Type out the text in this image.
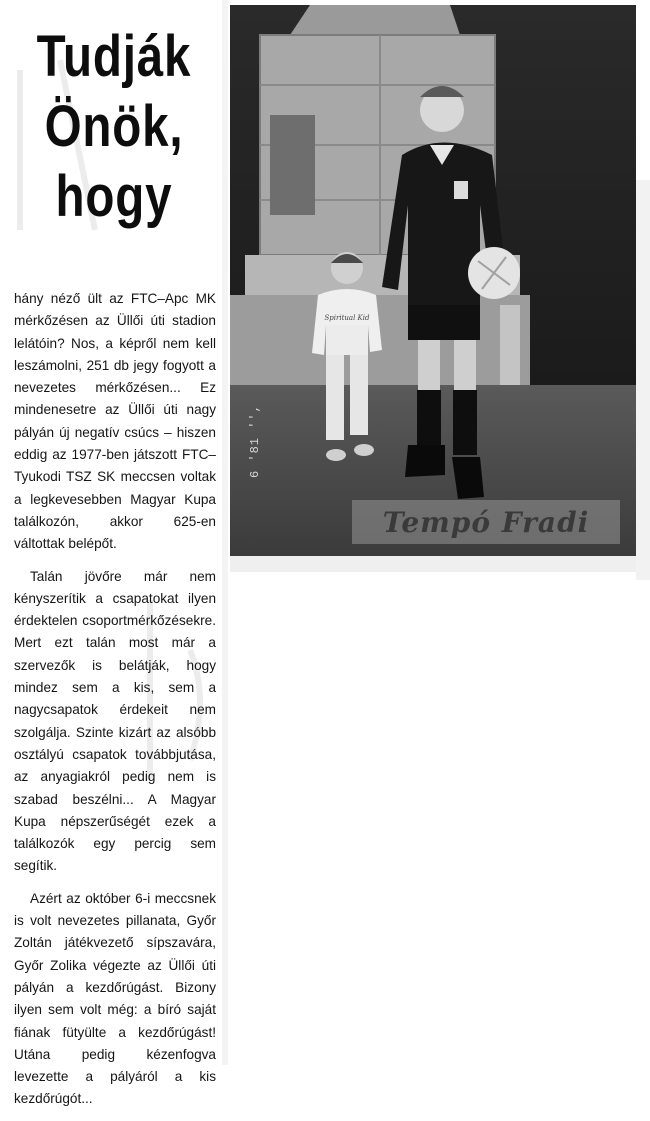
Tudják
Önök,
hogy

hány néző ült az FTC–Apc MK mérkőzésen az Üllői úti stadion lelátóin? Nos, a képről nem kell leszámolni, 251 db jegy fogyott a nevezetes mérkőzésen... Ez mindenesetre az Üllői úti nagy pályán új negatív csúcs – hiszen eddig az 1977-ben játszott FTC–Tyukodi TSZ SK meccsen voltak a legkevesebben Magyar Kupa találkozón, akkor 625-en váltottak belépőt.

Talán jövőre már nem kényszerítik a csapatokat ilyen érdektelen csoportmérkőzésekre. Mert ezt talán most már a szervezők is belátják, hogy mindez sem a kis, sem a nagycsapatok érdekeit nem szolgálja. Szinte kizárt az alsóbb osztályú csapatok továbbjutása, az anyagiakról pedig nem is szabad beszélni... A Magyar Kupa népszerűségét ezek a találkozók egy percig sem segítik.

Azért az október 6-i meccsnek is volt nevezetes pillanata, Győr Zoltán játékvezető sípszavára, Győr Zolika végezte az Üllői úti pályán a kezdőrúgást. Bizony ilyen sem volt még: a bíró saját fiának fütyülte a kezdőrúgást! Utána pedig kézenfogva levezette a pályáról a kis kezdőrúgót...

Spiritual Kid
6 '81 '',
Tempó Fradi
